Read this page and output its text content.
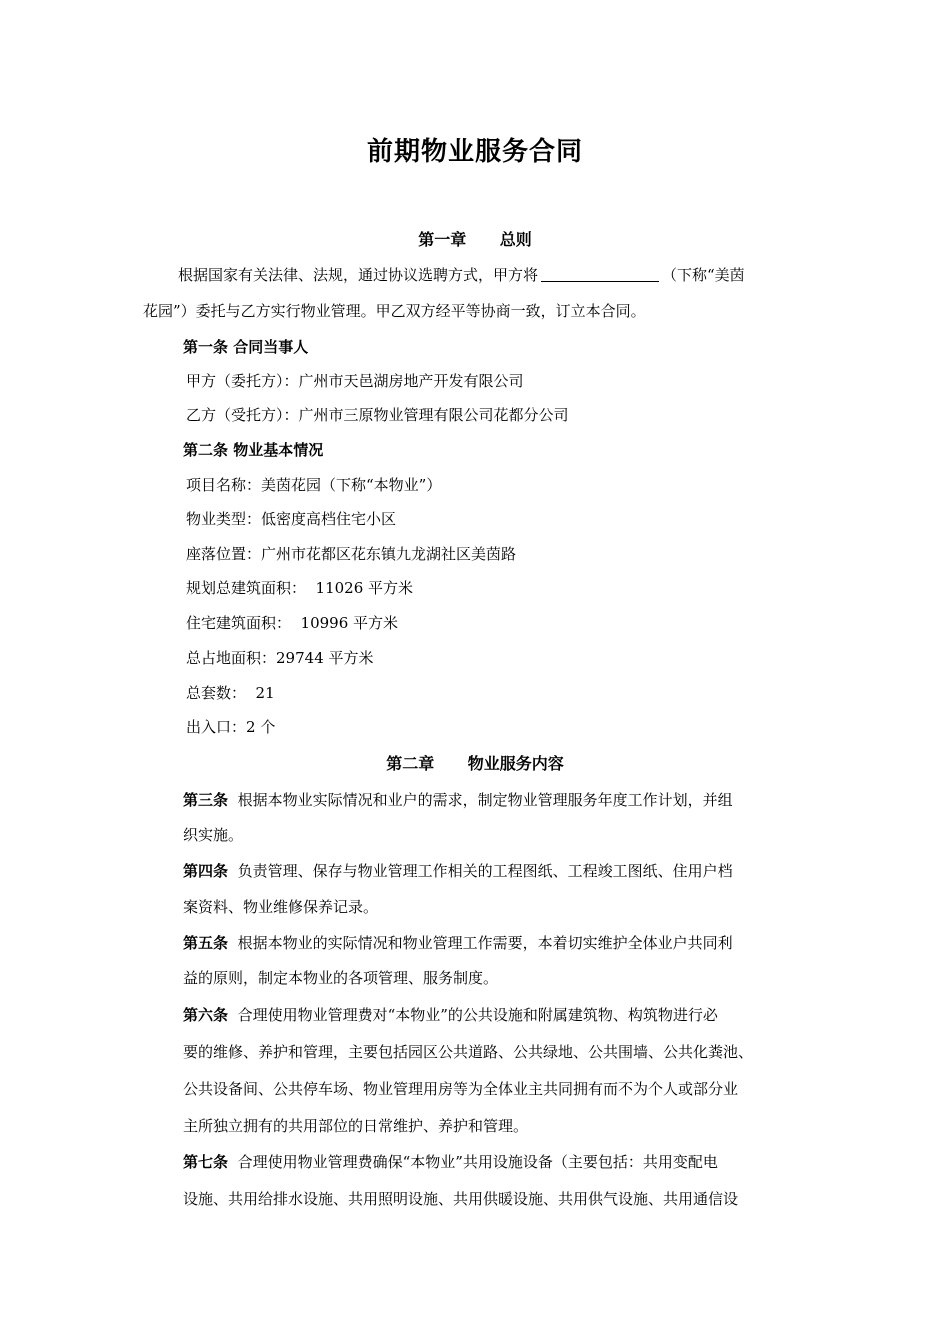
前期物业服务合同
第一章      总则
根据国家有关法律、法规，通过协议选聘方式，甲方将	（下称“美茵
花园”）委托与乙方实行物业管理。甲乙双方经平等协商一致，订立本合同。
第一条 合同当事人
甲方（委托方）：广州市天邑湖房地产开发有限公司
乙方（受托方）：广州市三原物业管理有限公司花都分公司
第二条 物业基本情况
项目名称：美茵花园（下称“本物业”）
物业类型：低密度高档住宅小区
座落位置：广州市花都区花东镇九龙湖社区美茵路
规划总建筑面积：  11026 平方米
住宅建筑面积：  10996 平方米
总占地面积：29744 平方米
总套数：  21
出入口：2 个
第二章      物业服务内容
第三条 根据本物业实际情况和业户的需求，制定物业管理服务年度工作计划，并组
织实施。
第四条 负责管理、保存与物业管理工作相关的工程图纸、工程竣工图纸、住用户档
案资料、物业维修保养记录。
第五条 根据本物业的实际情况和物业管理工作需要，本着切实维护全体业户共同利
益的原则，制定本物业的各项管理、服务制度。
第六条 合理使用物业管理费对“本物业”的公共设施和附属建筑物、构筑物进行必
要的维修、养护和管理，主要包括园区公共道路、公共绿地、公共围墙、公共化粪池、
公共设备间、公共停车场、物业管理用房等为全体业主共同拥有而不为个人或部分业
主所独立拥有的共用部位的日常维护、养护和管理。
第七条 合理使用物业管理费确保“本物业”共用设施设备（主要包括：共用变配电
设施、共用给排水设施、共用照明设施、共用供暖设施、共用供气设施、共用通信设
